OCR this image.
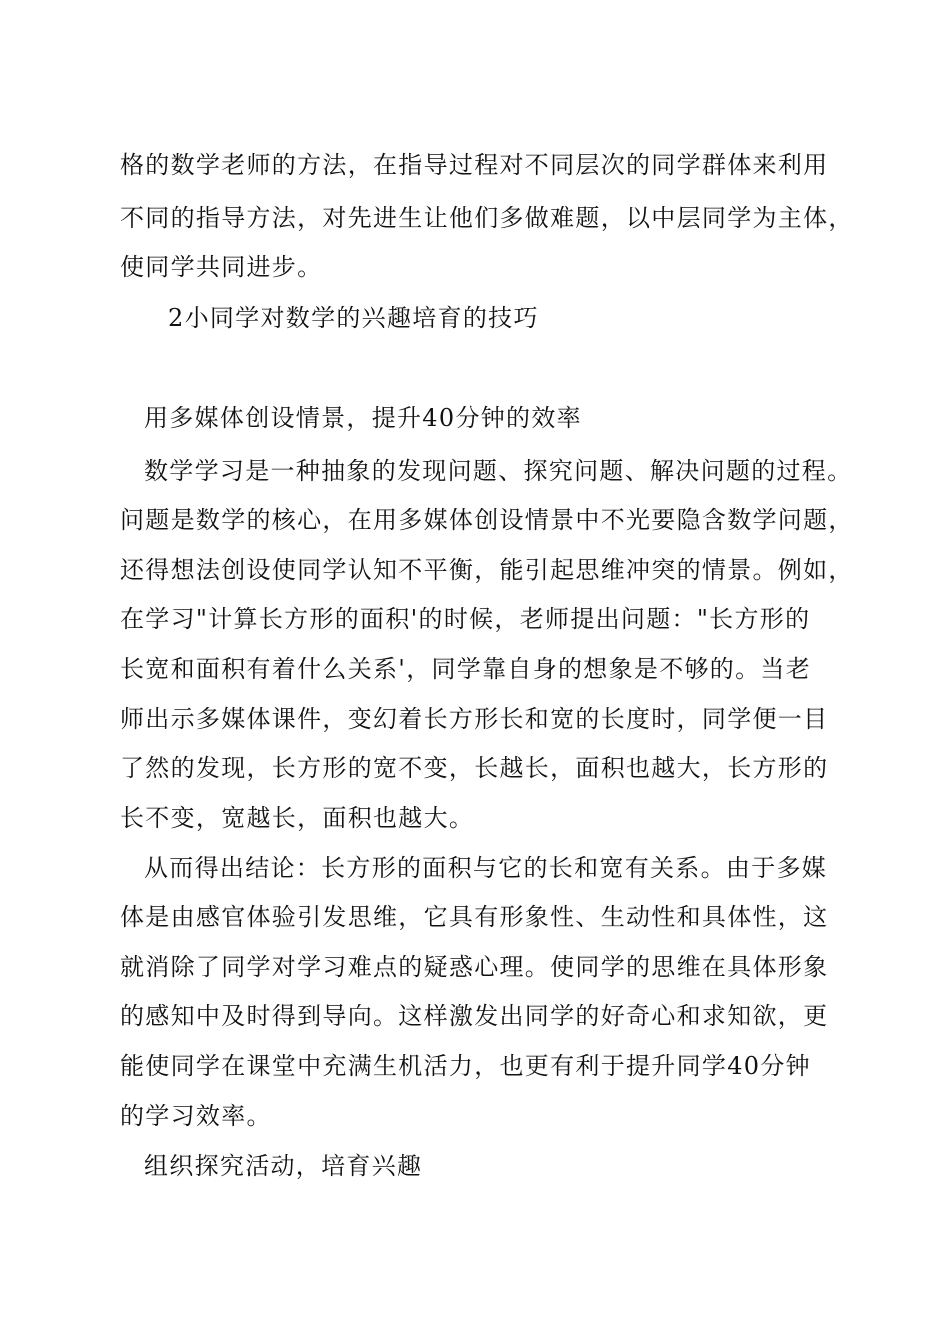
格的数学老师的方法，在指导过程对不同层次的同学群体来利用
不同的指导方法，对先进生让他们多做难题，以中层同学为主体，
使同学共同进步。
2小同学对数学的兴趣培育的技巧
用多媒体创设情景，提升40分钟的效率
数学学习是一种抽象的发现问题、探究问题、解决问题的过程。
问题是数学的核心，在用多媒体创设情景中不光要隐含数学问题，
还得想法创设使同学认知不平衡，能引起思维冲突的情景。例如，
在学习"计算长方形的面积'的时候，老师提出问题："长方形的
长宽和面积有着什么关系'，同学靠自身的想象是不够的。当老
师出示多媒体课件，变幻着长方形长和宽的长度时，同学便一目
了然的发现，长方形的宽不变，长越长，面积也越大，长方形的
长不变，宽越长，面积也越大。
从而得出结论：长方形的面积与它的长和宽有关系。由于多媒
体是由感官体验引发思维，它具有形象性、生动性和具体性，这
就消除了同学对学习难点的疑惑心理。使同学的思维在具体形象
的感知中及时得到导向。这样激发出同学的好奇心和求知欲，更
能使同学在课堂中充满生机活力，也更有利于提升同学40分钟
的学习效率。
组织探究活动，培育兴趣
